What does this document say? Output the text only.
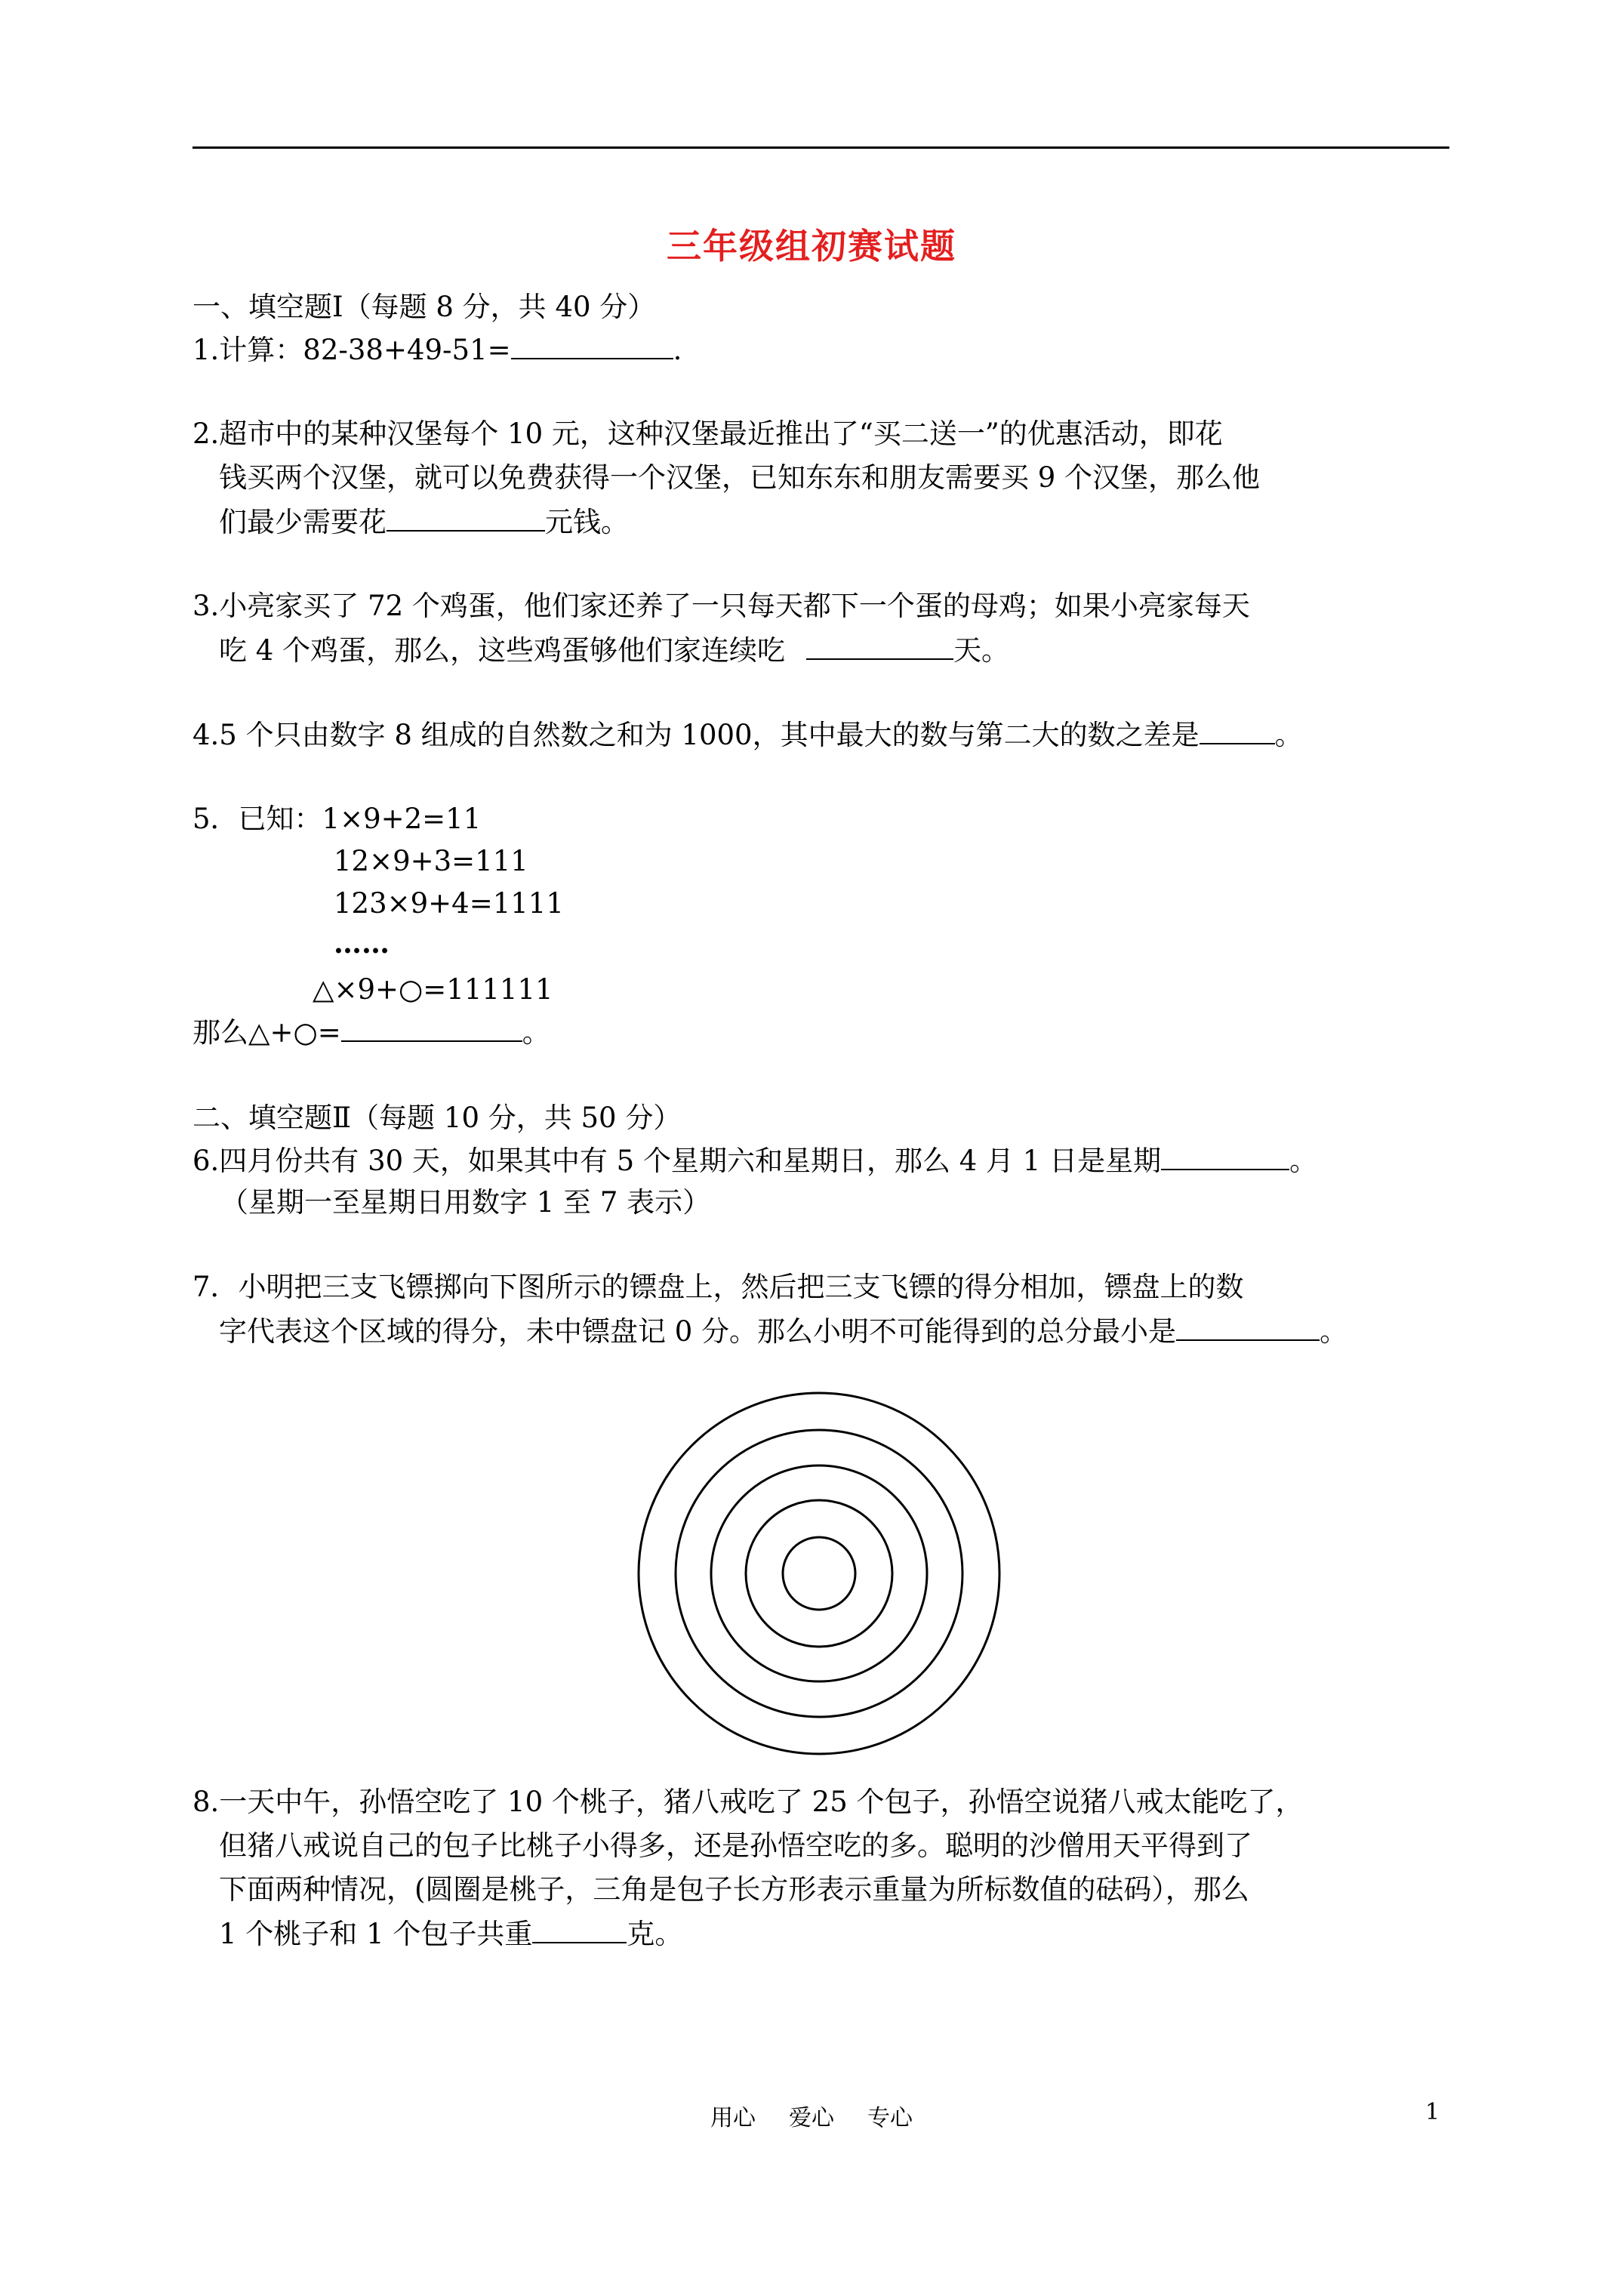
三年级组初赛试题
一、填空题Ⅰ（每题 8 分，共 40 分）
1.计算：82-38+49-51=	.
2.超市中的某种汉堡每个 10 元，这种汉堡最近推出了“买二送一”的优惠活动，即花
钱买两个汉堡，就可以免费获得一个汉堡，已知东东和朋友需要买 9 个汉堡，那么他
们最少需要花	元钱。
3.小亮家买了 72 个鸡蛋，他们家还养了一只每天都下一个蛋的母鸡；如果小亮家每天
吃 4 个鸡蛋，那么，这些鸡蛋够他们家连续吃	天。
4.5 个只由数字 8 组成的自然数之和为 1000，其中最大的数与第二大的数之差是	。
5．已知：1×9+2=11
12×9+3=111
123×9+4=1111
……
△×9+○=111111
那么△+○=	。
二、填空题Ⅱ（每题 10 分，共 50 分）
6.四月份共有 30 天，如果其中有 5 个星期六和星期日，那么 4 月 1 日是星期	。
（星期一至星期日用数字 1 至 7 表示）
7．小明把三支飞镖掷向下图所示的镖盘上，然后把三支飞镖的得分相加，镖盘上的数
字代表这个区域的得分，未中镖盘记 0 分。那么小明不可能得到的总分最小是	。
8.一天中午，孙悟空吃了 10 个桃子，猪八戒吃了 25 个包子，孙悟空说猪八戒太能吃了，
但猪八戒说自己的包子比桃子小得多，还是孙悟空吃的多。聪明的沙僧用天平得到了
下面两种情况，(圆圈是桃子，三角是包子长方形表示重量为所标数值的砝码），那么
1 个桃子和 1 个包子共重	克。
用心 爱心 专心	1
